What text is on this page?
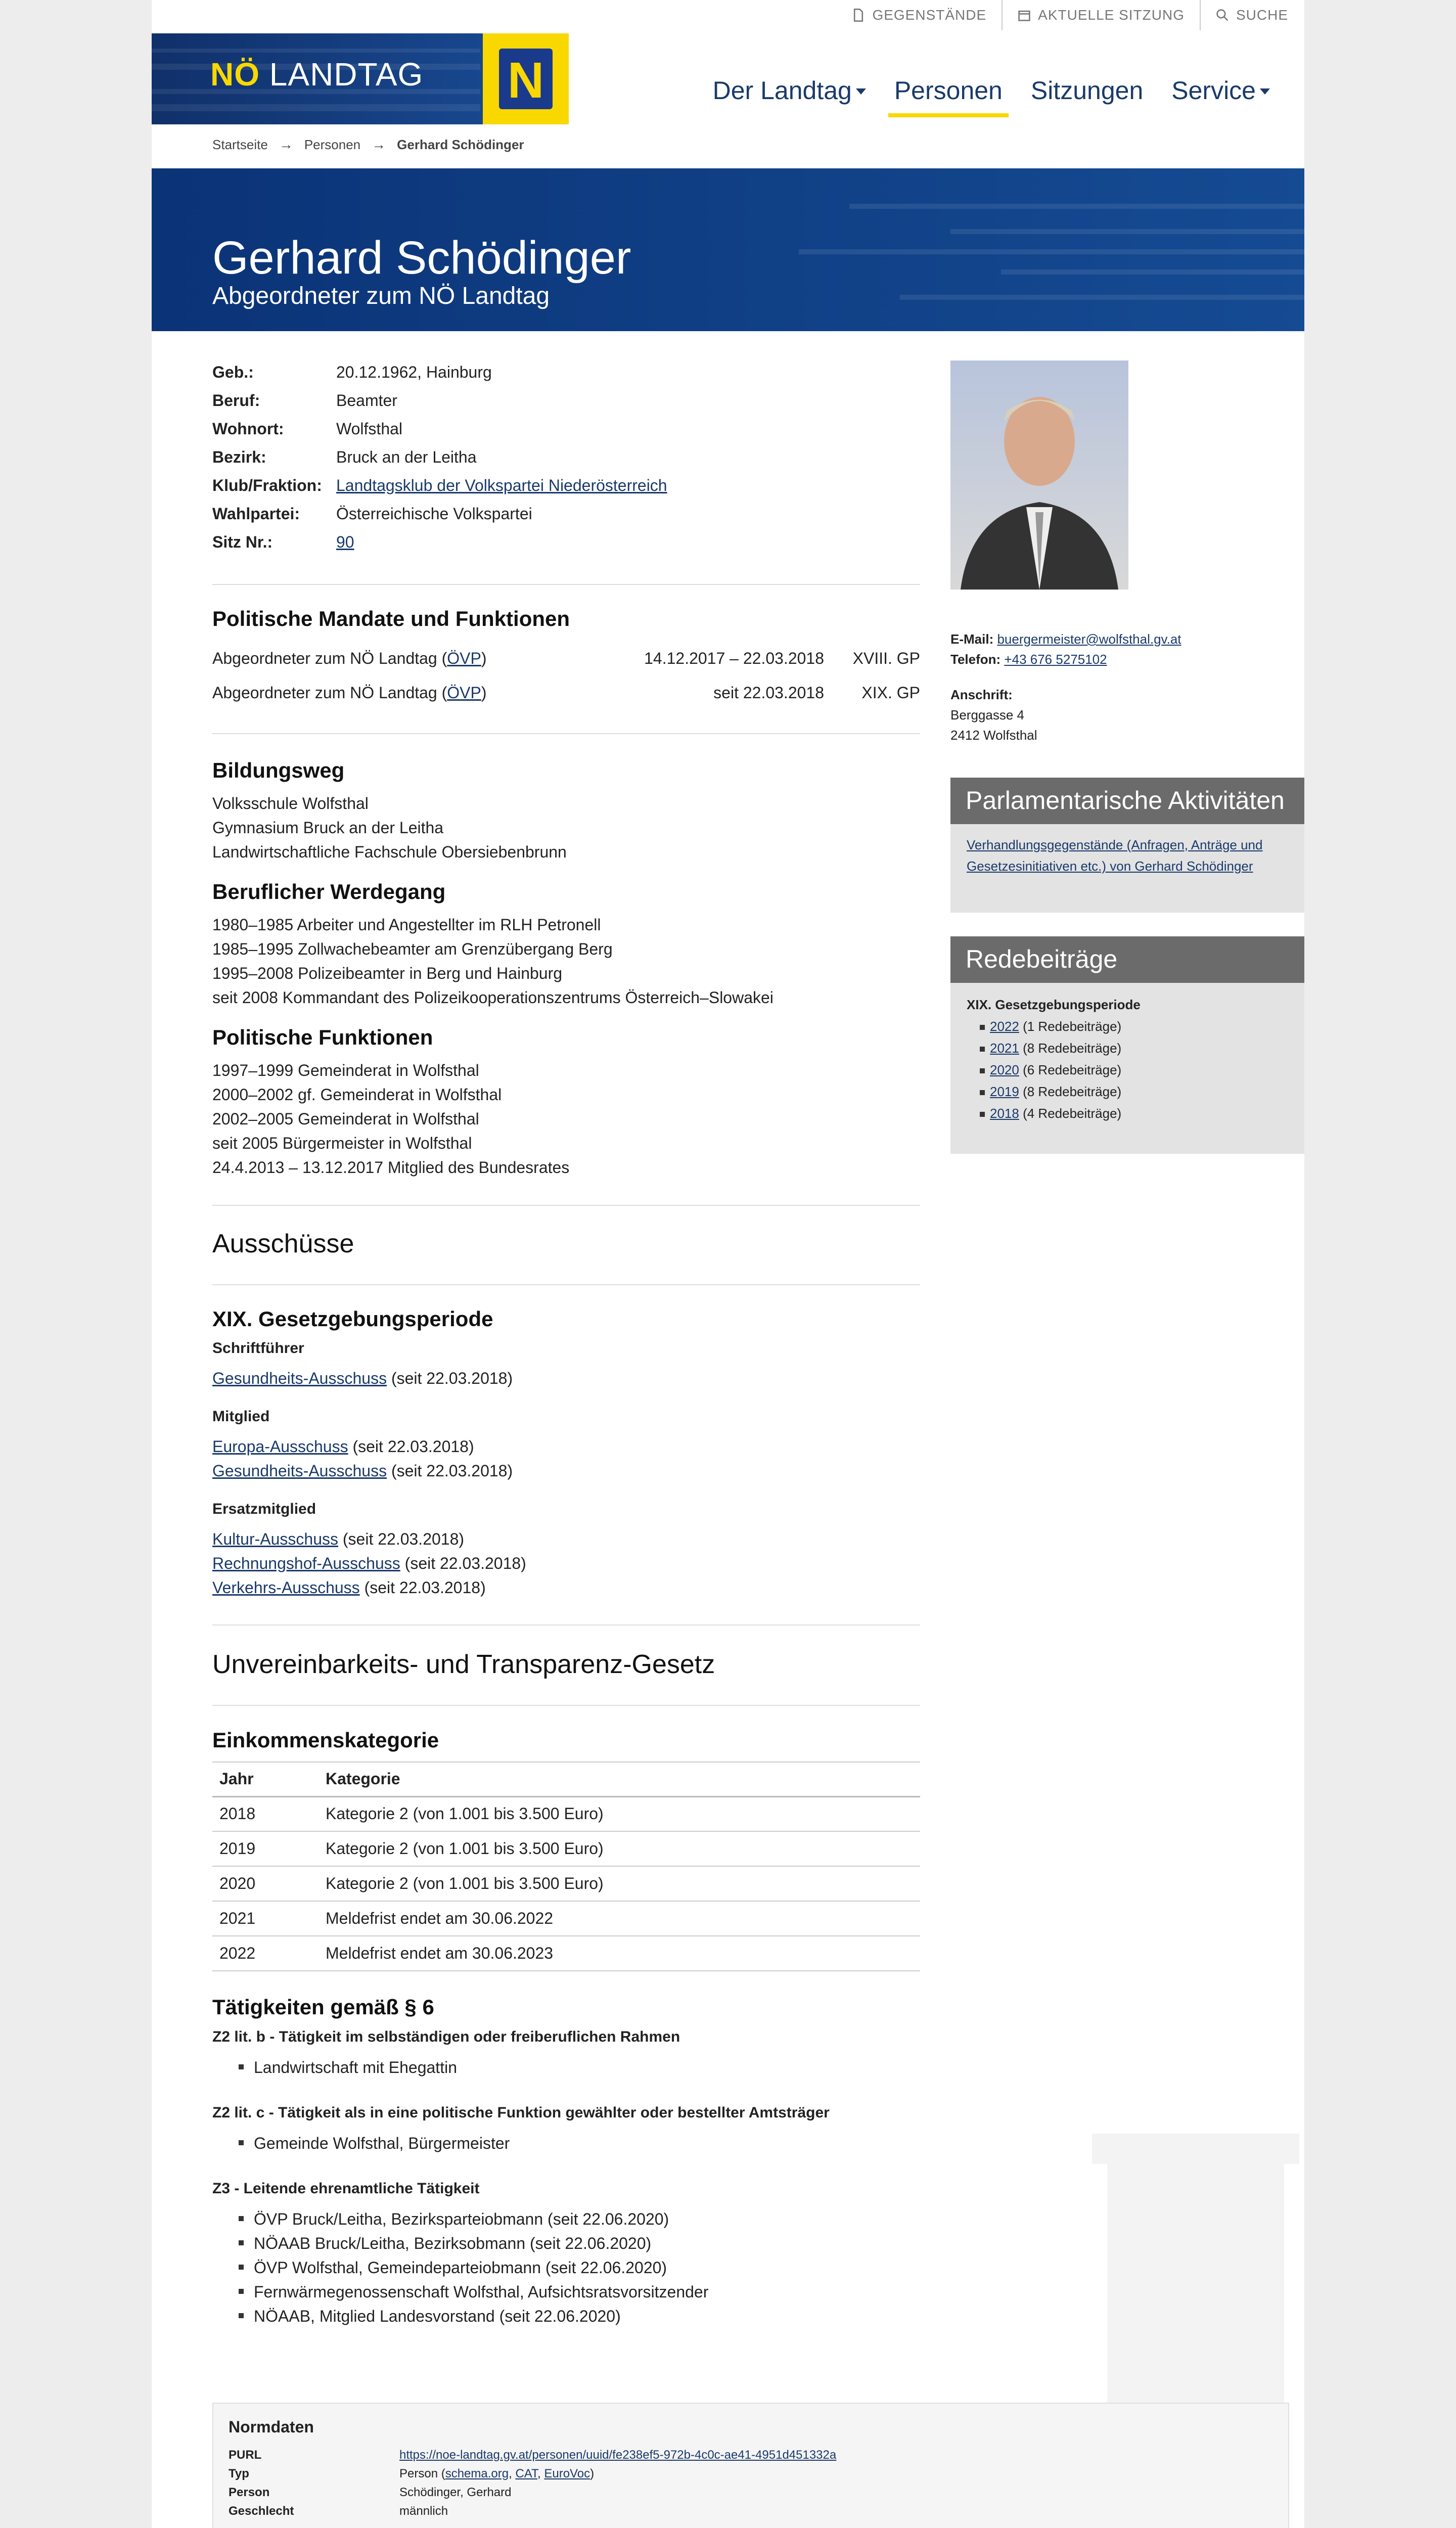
GEGENSTÄNDE	AKTUELLE SITZUNG	SUCHE
NÖ LANDTAG N	Der Landtag Personen Sitzungen Service
Startseite → Personen → Gerhard Schödinger
Gerhard Schödinger
Abgeordneter zum NÖ Landtag
Geb.:	20.12.1962, Hainburg
Beruf:	Beamter
Wohnort:	Wolfsthal
Bezirk:	Bruck an der Leitha
Klub/Fraktion: Landtagsklub der Volkspartei Niederösterreich
Wahlpartei:	Österreichische Volkspartei
Sitz Nr.:	90
Politische Mandate und Funktionen
Abgeordneter zum NÖ Landtag (ÖVP)	14.12.2017 – 22.03.2018	XVIII. GP
Abgeordneter zum NÖ Landtag (ÖVP)	seit 22.03.2018	XIX. GP
Bildungsweg
Volksschule Wolfsthal
Gymnasium Bruck an der Leitha
Landwirtschaftliche Fachschule Obersiebenbrunn
Beruflicher Werdegang
1980–1985 Arbeiter und Angestellter im RLH Petronell
1985–1995 Zollwachebeamter am Grenzübergang Berg
1995–2008 Polizeibeamter in Berg und Hainburg
seit 2008 Kommandant des Polizeikooperationszentrums Österreich–Slowakei
Politische Funktionen
1997–1999 Gemeinderat in Wolfsthal
2000–2002 gf. Gemeinderat in Wolfsthal
2002–2005 Gemeinderat in Wolfsthal
seit 2005 Bürgermeister in Wolfsthal
24.4.2013 – 13.12.2017 Mitglied des Bundesrates
Ausschüsse
XIX. Gesetzgebungsperiode
Schriftführer
Gesundheits-Ausschuss (seit 22.03.2018)
Mitglied
Europa-Ausschuss (seit 22.03.2018)
Gesundheits-Ausschuss (seit 22.03.2018)
Ersatzmitglied
Kultur-Ausschuss (seit 22.03.2018)
Rechnungshof-Ausschuss (seit 22.03.2018)
Verkehrs-Ausschuss (seit 22.03.2018)
Unvereinbarkeits- und Transparenz-Gesetz
Einkommenskategorie
Jahr	Kategorie
2018	Kategorie 2 (von 1.001 bis 3.500 Euro)
2019	Kategorie 2 (von 1.001 bis 3.500 Euro)
2020	Kategorie 2 (von 1.001 bis 3.500 Euro)
2021	Meldefrist endet am 30.06.2022
2022	Meldefrist endet am 30.06.2023
Tätigkeiten gemäß § 6
Z2 lit. b - Tätigkeit im selbständigen oder freiberuflichen Rahmen
Landwirtschaft mit Ehegattin
Z2 lit. c - Tätigkeit als in eine politische Funktion gewählter oder bestellter Amtsträger
Gemeinde Wolfsthal, Bürgermeister
Z3 - Leitende ehrenamtliche Tätigkeit
ÖVP Bruck/Leitha, Bezirksparteiobmann (seit 22.06.2020)
NÖAAB Bruck/Leitha, Bezirksobmann (seit 22.06.2020)
ÖVP Wolfsthal, Gemeindeparteiobmann (seit 22.06.2020)
Fernwärmegenossenschaft Wolfsthal, Aufsichtsratsvorsitzender
NÖAAB, Mitglied Landesvorstand (seit 22.06.2020)
E-Mail: buergermeister@wolfsthal.gv.at
Telefon: +43 676 5275102
Anschrift:
Berggasse 4
2412 Wolfsthal
Parlamentarische Aktivitäten
Verhandlungsgegenstände (Anfragen, Anträge und Gesetzesinitiativen etc.) von Gerhard Schödinger
Redebeiträge
XIX. Gesetzgebungsperiode
2022 (1 Redebeiträge)
2021 (8 Redebeiträge)
2020 (6 Redebeiträge)
2019 (8 Redebeiträge)
2018 (4 Redebeiträge)
Normdaten
PURL	https://noe-landtag.gv.at/personen/uuid/fe238ef5-972b-4c0c-ae41-4951d451332a
Typ	Person (schema.org, CAT, EuroVoc)
Person	Schödinger, Gerhard
Geschlecht	männlich
